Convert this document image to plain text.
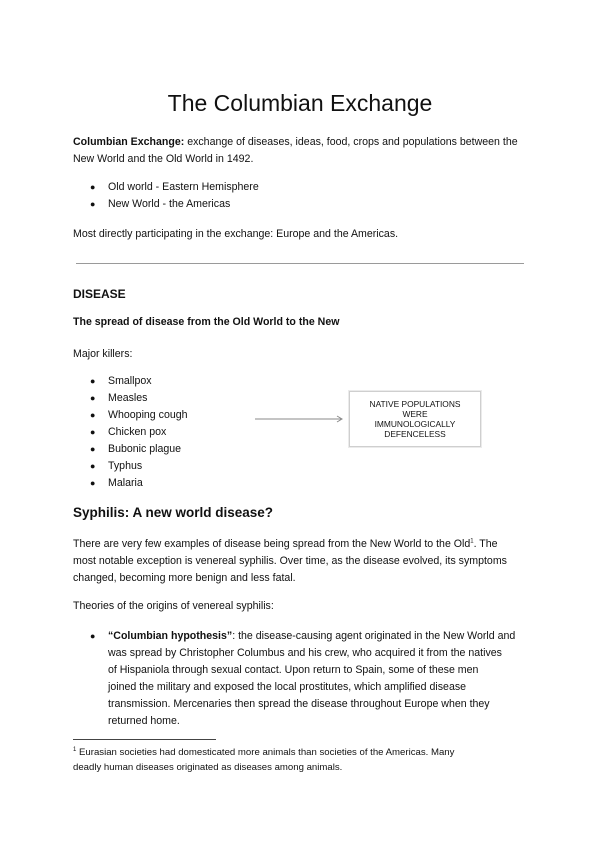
The Columbian Exchange

Columbian Exchange: exchange of diseases, ideas, food, crops and populations between the

New World and the Old World in 1492.

● Old world - Eastern Hemisphere
● New World - the Americas

Most directly participating in the exchange: Europe and the Americas.

DISEASE
The spread of disease from the Old World to the New

Major killers:

● Smallpox
● Measles
● Whooping cough
● Chicken pox
● Bubonic plague
● Typhus
● Malaria
NATIVE POPULATIONS
WERE
IMMUNOLOGICALLY
DEFENCELESS
Syphilis: A new world disease?

There are very few examples of disease being spread from the New World to the Old$^1$. The

most notable exception is venereal syphilis. Over time, as the disease evolved, its symptoms

changed, becoming more benign and less fatal.

Theories of the origins of venereal syphilis:

● “Columbian hypothesis”: the disease-causing agent originated in the New World and

was spread by Christopher Columbus and his crew, who acquired it from the natives

of Hispaniola through sexual contact. Upon return to Spain, some of these men

joined the military and exposed the local prostitutes, which amplified disease

transmission. Mercenaries then spread the disease throughout Europe when they

returned home.

$^1$ Eurasian societies had domesticated more animals than societies of the Americas. Many

deadly human diseases originated as diseases among animals.
